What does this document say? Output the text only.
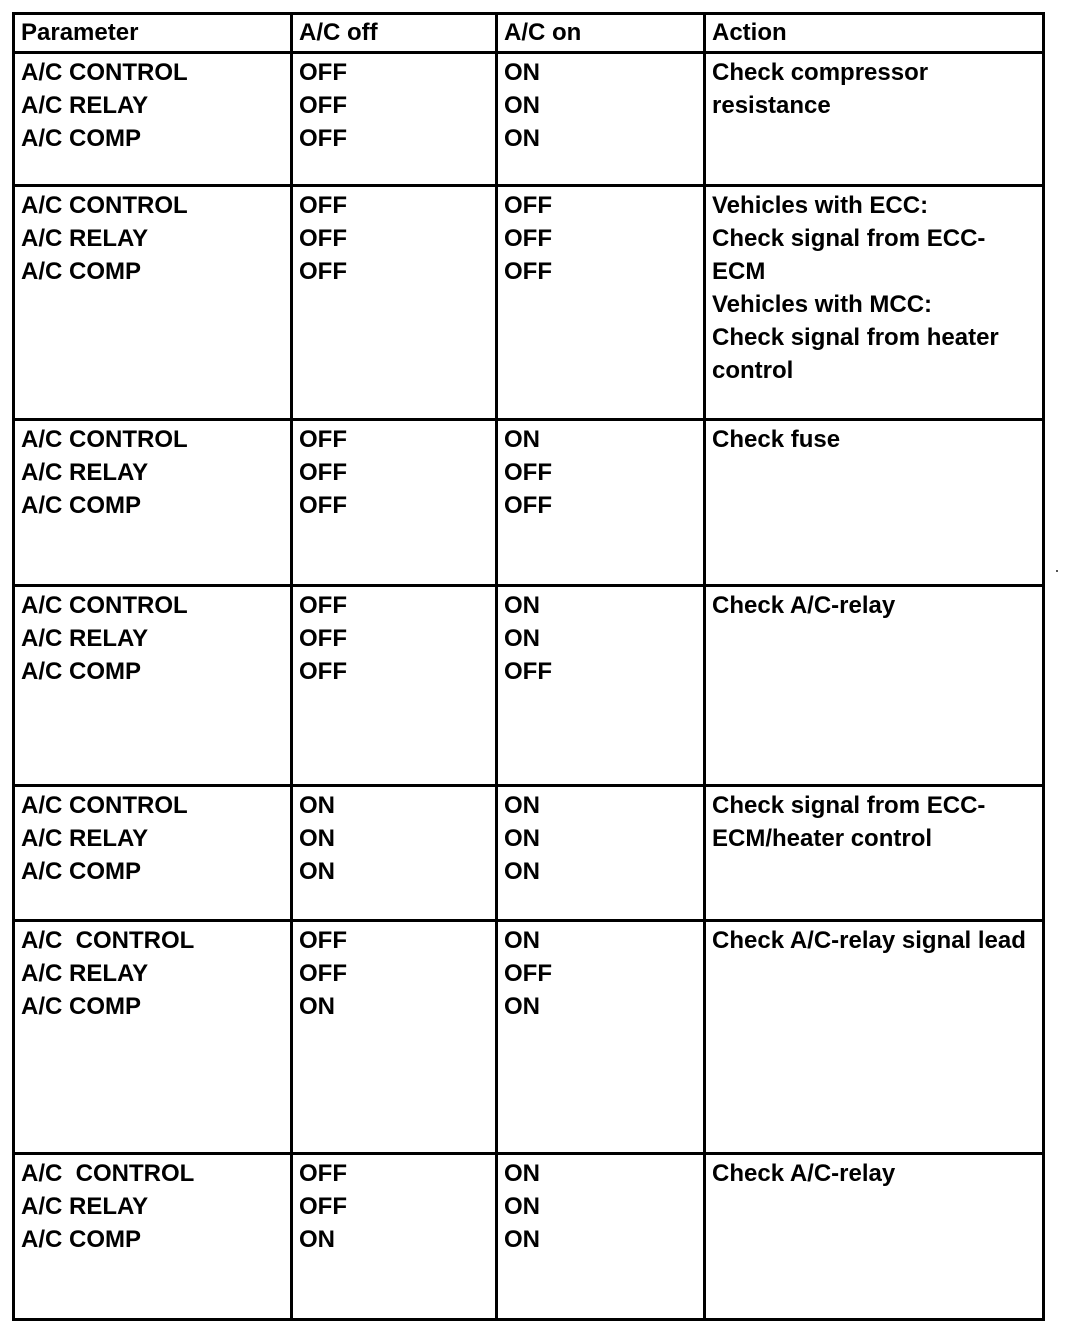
Parameter	A/C off	A/C on	Action

A/C CONTROL
A/C RELAY
A/C COMP	OFF
OFF
OFF	ON
ON
ON	Check compressor resistance

A/C CONTROL
A/C RELAY
A/C COMP	OFF
OFF
OFF	OFF
OFF
OFF	Vehicles with ECC:
Check signal from ECC-ECM
Vehicles with MCC:
Check signal from heater control

A/C CONTROL
A/C RELAY
A/C COMP	OFF
OFF
OFF	ON
OFF
OFF	Check fuse

A/C CONTROL
A/C RELAY
A/C COMP	OFF
OFF
OFF	ON
ON
OFF	Check A/C-relay

A/C CONTROL
A/C RELAY
A/C COMP	ON
ON
ON	ON
ON
ON	Check signal from ECC-ECM/heater control

A/C  CONTROL
A/C RELAY
A/C COMP	OFF
OFF
ON	ON
OFF
ON	Check A/C-relay signal lead

A/C  CONTROL
A/C RELAY
A/C COMP	OFF
OFF
ON	ON
ON
ON	Check A/C-relay
